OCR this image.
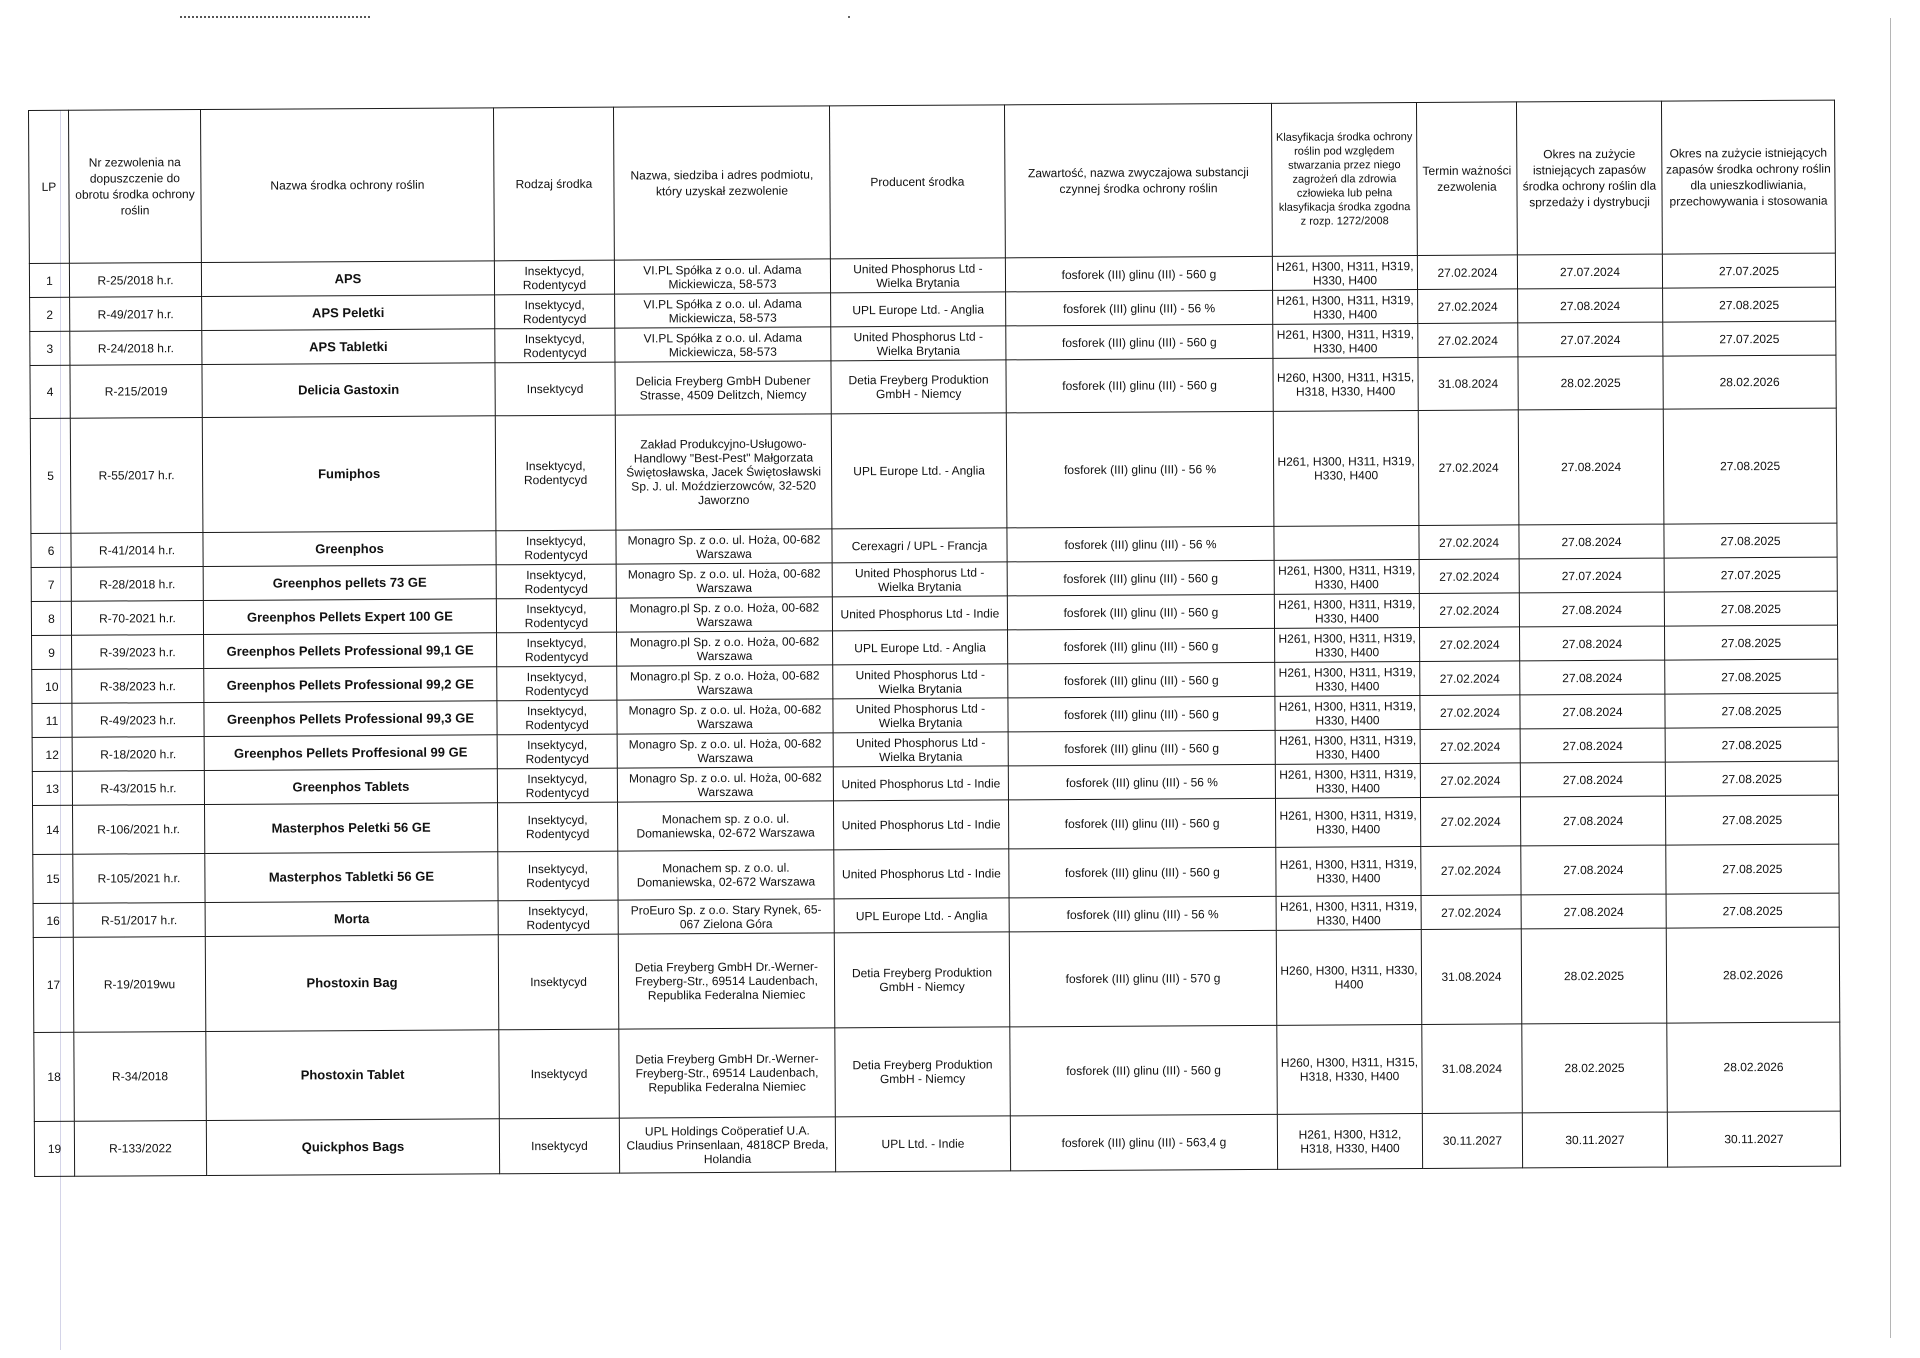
LP	Nr zezwolenia na dopuszczenie do obrotu środka ochrony roślin	Nazwa środka ochrony roślin	Rodzaj środka	Nazwa, siedziba i adres podmiotu, który uzyskał zezwolenie	Producent środka	Zawartość, nazwa zwyczajowa substancji czynnej środka ochrony roślin	Klasyfikacja środka ochrony roślin pod względem stwarzania przez niego zagrożeń dla zdrowia człowieka lub pełna klasyfikacja środka zgodna z rozp. 1272/2008	Termin ważności zezwolenia	Okres na zużycie istniejących zapasów środka ochrony roślin dla sprzedaży i dystrybucji	Okres na zużycie istniejących zapasów środka ochrony roślin dla unieszkodliwiania, przechowywania i stosowania
1	R-25/2018 h.r.	APS	Insektycyd, Rodentycyd	VI.PL Spółka z o.o. ul. Adama Mickiewicza, 58-573	United Phosphorus Ltd - Wielka Brytania	fosforek (III) glinu (III) - 560 g	H261, H300, H311, H319, H330, H400	27.02.2024	27.07.2024	27.07.2025
2	R-49/2017 h.r.	APS Peletki	Insektycyd, Rodentycyd	VI.PL Spółka z o.o. ul. Adama Mickiewicza, 58-573	UPL Europe Ltd. - Anglia	fosforek (III) glinu (III) - 56 %	H261, H300, H311, H319, H330, H400	27.02.2024	27.08.2024	27.08.2025
3	R-24/2018 h.r.	APS Tabletki	Insektycyd, Rodentycyd	VI.PL Spółka z o.o. ul. Adama Mickiewicza, 58-573	United Phosphorus Ltd - Wielka Brytania	fosforek (III) glinu (III) - 560 g	H261, H300, H311, H319, H330, H400	27.02.2024	27.07.2024	27.07.2025
4	R-215/2019	Delicia Gastoxin	Insektycyd	Delicia Freyberg GmbH Dubener Strasse, 4509 Delitzch, Niemcy	Detia Freyberg Produktion GmbH - Niemcy	fosforek (III) glinu (III) - 560 g	H260, H300, H311, H315, H318, H330, H400	31.08.2024	28.02.2025	28.02.2026
5	R-55/2017 h.r.	Fumiphos	Insektycyd, Rodentycyd	Zakład Produkcyjno-Usługowo-Handlowy "Best-Pest" Małgorzata Świętosławska, Jacek Świętosławski Sp. J. ul. Moździerzowców, 32-520 Jaworzno	UPL Europe Ltd. - Anglia	fosforek (III) glinu (III) - 56 %	H261, H300, H311, H319, H330, H400	27.02.2024	27.08.2024	27.08.2025
6	R-41/2014 h.r.	Greenphos	Insektycyd, Rodentycyd	Monagro Sp. z o.o. ul. Hoża, 00-682 Warszawa	Cerexagri / UPL - Francja	fosforek (III) glinu (III) - 56 %		27.02.2024	27.08.2024	27.08.2025
7	R-28/2018 h.r.	Greenphos pellets 73 GE	Insektycyd, Rodentycyd	Monagro Sp. z o.o. ul. Hoża, 00-682 Warszawa	United Phosphorus Ltd - Wielka Brytania	fosforek (III) glinu (III) - 560 g	H261, H300, H311, H319, H330, H400	27.02.2024	27.07.2024	27.07.2025
8	R-70-2021 h.r.	Greenphos Pellets Expert 100 GE	Insektycyd, Rodentycyd	Monagro.pl Sp. z o.o. Hoża, 00-682 Warszawa	United Phosphorus Ltd - Indie	fosforek (III) glinu (III) - 560 g	H261, H300, H311, H319, H330, H400	27.02.2024	27.08.2024	27.08.2025
9	R-39/2023 h.r.	Greenphos Pellets Professional 99,1 GE	Insektycyd, Rodentycyd	Monagro.pl Sp. z o.o. Hoża, 00-682 Warszawa	UPL Europe Ltd. - Anglia	fosforek (III) glinu (III) - 560 g	H261, H300, H311, H319, H330, H400	27.02.2024	27.08.2024	27.08.2025
10	R-38/2023 h.r.	Greenphos Pellets Professional 99,2 GE	Insektycyd, Rodentycyd	Monagro.pl Sp. z o.o. Hoża, 00-682 Warszawa	United Phosphorus Ltd - Wielka Brytania	fosforek (III) glinu (III) - 560 g	H261, H300, H311, H319, H330, H400	27.02.2024	27.08.2024	27.08.2025
11	R-49/2023 h.r.	Greenphos Pellets Professional 99,3 GE	Insektycyd, Rodentycyd	Monagro Sp. z o.o. ul. Hoża, 00-682 Warszawa	United Phosphorus Ltd - Wielka Brytania	fosforek (III) glinu (III) - 560 g	H261, H300, H311, H319, H330, H400	27.02.2024	27.08.2024	27.08.2025
12	R-18/2020 h.r.	Greenphos Pellets Proffesional 99 GE	Insektycyd, Rodentycyd	Monagro Sp. z o.o. ul. Hoża, 00-682 Warszawa	United Phosphorus Ltd - Wielka Brytania	fosforek (III) glinu (III) - 560 g	H261, H300, H311, H319, H330, H400	27.02.2024	27.08.2024	27.08.2025
13	R-43/2015 h.r.	Greenphos Tablets	Insektycyd, Rodentycyd	Monagro Sp. z o.o. ul. Hoża, 00-682 Warszawa	United Phosphorus Ltd - Indie	fosforek (III) glinu (III) - 56 %	H261, H300, H311, H319, H330, H400	27.02.2024	27.08.2024	27.08.2025
14	R-106/2021 h.r.	Masterphos Peletki 56 GE	Insektycyd, Rodentycyd	Monachem sp. z o.o. ul. Domaniewska, 02-672 Warszawa	United Phosphorus Ltd - Indie	fosforek (III) glinu (III) - 560 g	H261, H300, H311, H319, H330, H400	27.02.2024	27.08.2024	27.08.2025
15	R-105/2021 h.r.	Masterphos Tabletki 56 GE	Insektycyd, Rodentycyd	Monachem sp. z o.o. ul. Domaniewska, 02-672 Warszawa	United Phosphorus Ltd - Indie	fosforek (III) glinu (III) - 560 g	H261, H300, H311, H319, H330, H400	27.02.2024	27.08.2024	27.08.2025
16	R-51/2017 h.r.	Morta	Insektycyd, Rodentycyd	ProEuro Sp. z o.o. Stary Rynek, 65-067 Zielona Góra	UPL Europe Ltd. - Anglia	fosforek (III) glinu (III) - 56 %	H261, H300, H311, H319, H330, H400	27.02.2024	27.08.2024	27.08.2025
17	R-19/2019wu	Phostoxin Bag	Insektycyd	Detia Freyberg GmbH Dr.-Werner-Freyberg-Str., 69514 Laudenbach, Republika Federalna Niemiec	Detia Freyberg Produktion GmbH - Niemcy	fosforek (III) glinu (III) - 570 g	H260, H300, H311, H330, H400	31.08.2024	28.02.2025	28.02.2026
18	R-34/2018	Phostoxin Tablet	Insektycyd	Detia Freyberg GmbH Dr.-Werner-Freyberg-Str., 69514 Laudenbach, Republika Federalna Niemiec	Detia Freyberg Produktion GmbH - Niemcy	fosforek (III) glinu (III) - 560 g	H260, H300, H311, H315, H318, H330, H400	31.08.2024	28.02.2025	28.02.2026
19	R-133/2022	Quickphos Bags	Insektycyd	UPL Holdings Coöperatief U.A. Claudius Prinsenlaan, 4818CP Breda, Holandia	UPL Ltd. - Indie	fosforek (III) glinu (III) - 563,4 g	H261, H300, H312, H318, H330, H400	30.11.2027	30.11.2027	30.11.2027
